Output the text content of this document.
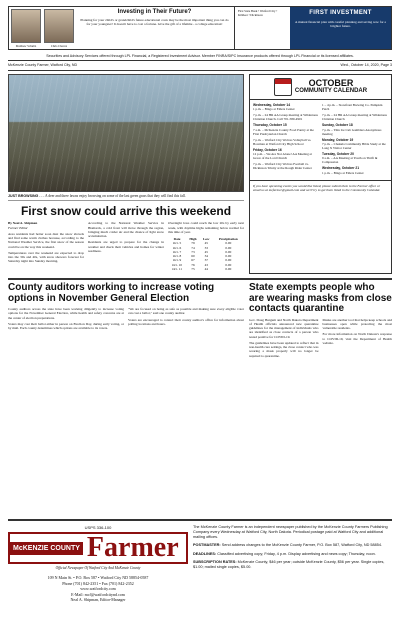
Matthew Schultz	Chris Chavez
Investing in Their Future?
Planning for your child's or grandchild's future educational costs may be the most important thing you can do for your youngster! It doesn't have to cost a fortune. Give the gift of a lifetime - a college education!
First State Bank • Watford City • Killdeer • Dickinson	FIRST INVESTMENT
A mutual financial plan with careful planning and saving now for a brighter future.
Securities and Advisory Services offered through LPL Financial, a Registered Investment Advisor. Member FINRA/SIPC Insurance products offered through LPL Financial or its licensed affiliates.
McKenzie County Farmer, Watford City, ND	Wed., October 14, 2020, Page 3
JUST BROWSING . . . A deer and three fawns enjoy browsing on some of the last green grass that they will find this fall.
First snow could arrive this weekend

By Neal A. Shipman
Farmer Editor

Area residents had better soon dust the snow shovels and find some warm clothes because, according to the National Weather Service, the first snow of the season could be on the way this weekend.

Temperatures over the weekend are expected to drop into the 30s and 40s, with snow showers forecast for Saturday night into Sunday morning.

According to the National Weather Service in Bismarck, a cold front will move through the region, bringing much colder air and the chance of light snow accumulation.

Residents are urged to prepare for the change in weather and check their vehicles and homes for winter readiness.

Overnight lows could reach the low 20s by early next week, with daytime highs remaining below normal for this time of year.

Date	High	Low	Precipitation
Oct. 5	79	45	0.00
Oct. 6	74	33	0.00
Oct. 7	73	45	0.00
Oct. 8	60	34	0.00
Oct. 9	67	37	0.00
Oct. 10	76	43	0.00
Oct. 11	75	44	0.00
OCTOBER
COMMUNITY CALENDAR

Wednesday, October 14
1 p.m. – Bingo at Elders Center

7 p.m. – 24 HR AA Group meeting at Wilderness Christian Church. Call 701-580-4901

Thursday, October 15
7 a.m. – McKenzie County Food Pantry at the First Presbyterian Church

7 p.m. – Watford City Wolves Volleyball vs. Bowman at Watford City High School

Friday, October 16
12 p.m. – We Are Not Alone! AA Meeting at Grace of the Lord Church

7 p.m. – Watford City Wolves Football vs. Dickinson Trinity at the Rough Rider Center

1 – 4 p.m. – Storefront Brewing Co. Pumpkin Patch

7 p.m. – 24 HR AA Group meeting at Wilderness Christian Church

Sunday, October 18
7 p.m. – Thin Ice Cub Gamblers Anonymous meeting

Monday, October 19
7 p.m. – Chakula Community Bible Study at the Long X Visitor Center

Tuesday, October 20
9 a.m. – AA Meeting at Youth on Thrift & Compassion

Wednesday, October 21
1 p.m. – Bingo at Elders Center

If you have upcoming events you would like listed, please submit them to the Farmer office or email us at mcfarmer@gmail.com and we'll try to get them listed in the Community Calendar.
County auditors working to increase voting options in November General Election

County auditors across the state have been working diligently to increase voting options for the November General Election, while health and safety concerns are at the center of election preparations.

Voters may cast their ballot either in person on Election Day, during early voting, or by mail. Each county determines which options are available to its voters.

"We are focused on being as safe as possible and making sure every eligible voter can cast a ballot," said one county auditor.

Voters are encouraged to contact their county auditor's office for information about polling locations and hours.

State exempts people who are wearing masks from close contacts quarantine

Gov. Doug Burgum and North Dakota Department of Health officials announced new quarantine guidelines for the management of individuals who are identified as close contacts of a person who tested positive for COVID-19.

The guidelines have been updated to reflect that in non-health care settings, the close contact who was wearing a mask properly will no longer be required to quarantine.

Masks are another tool that helps keep schools and businesses open while protecting the most vulnerable residents.

For more information on North Dakota's response to COVID-19, visit the Department of Health website.

USPS 336-100
McKENZIE COUNTY Farmer
Official Newspaper Of Watford City And McKenzie County
109 N Main St. • P.O. Box 587 • Watford City ND 58854-0587
Phone (701) 842-2351 • Fax (701) 842-2352
www.watfordcity.com
E-Mail: mcf@watfordcitynd.com
Neal A. Shipman, Editor-Manager

The McKenzie County Farmer is an independent newspaper published by the McKenzie County Farmers Publishing Company every Wednesday at Watford City, North Dakota. Periodical postage paid at Watford City and additional mailing offices.

POSTMASTER: Send address changes to the McKenzie County Farmer, P.O. Box 587, Watford City, ND 58854.

DEADLINES: Classified advertising copy; Friday, 4 p.m. Display advertising and news copy; Thursday, noon.

SUBSCRIPTION RATES: McKenzie County, $46 per year; outside McKenzie County, $56 per year. Single copies, $1.00; mailed single copies, $5.00.
